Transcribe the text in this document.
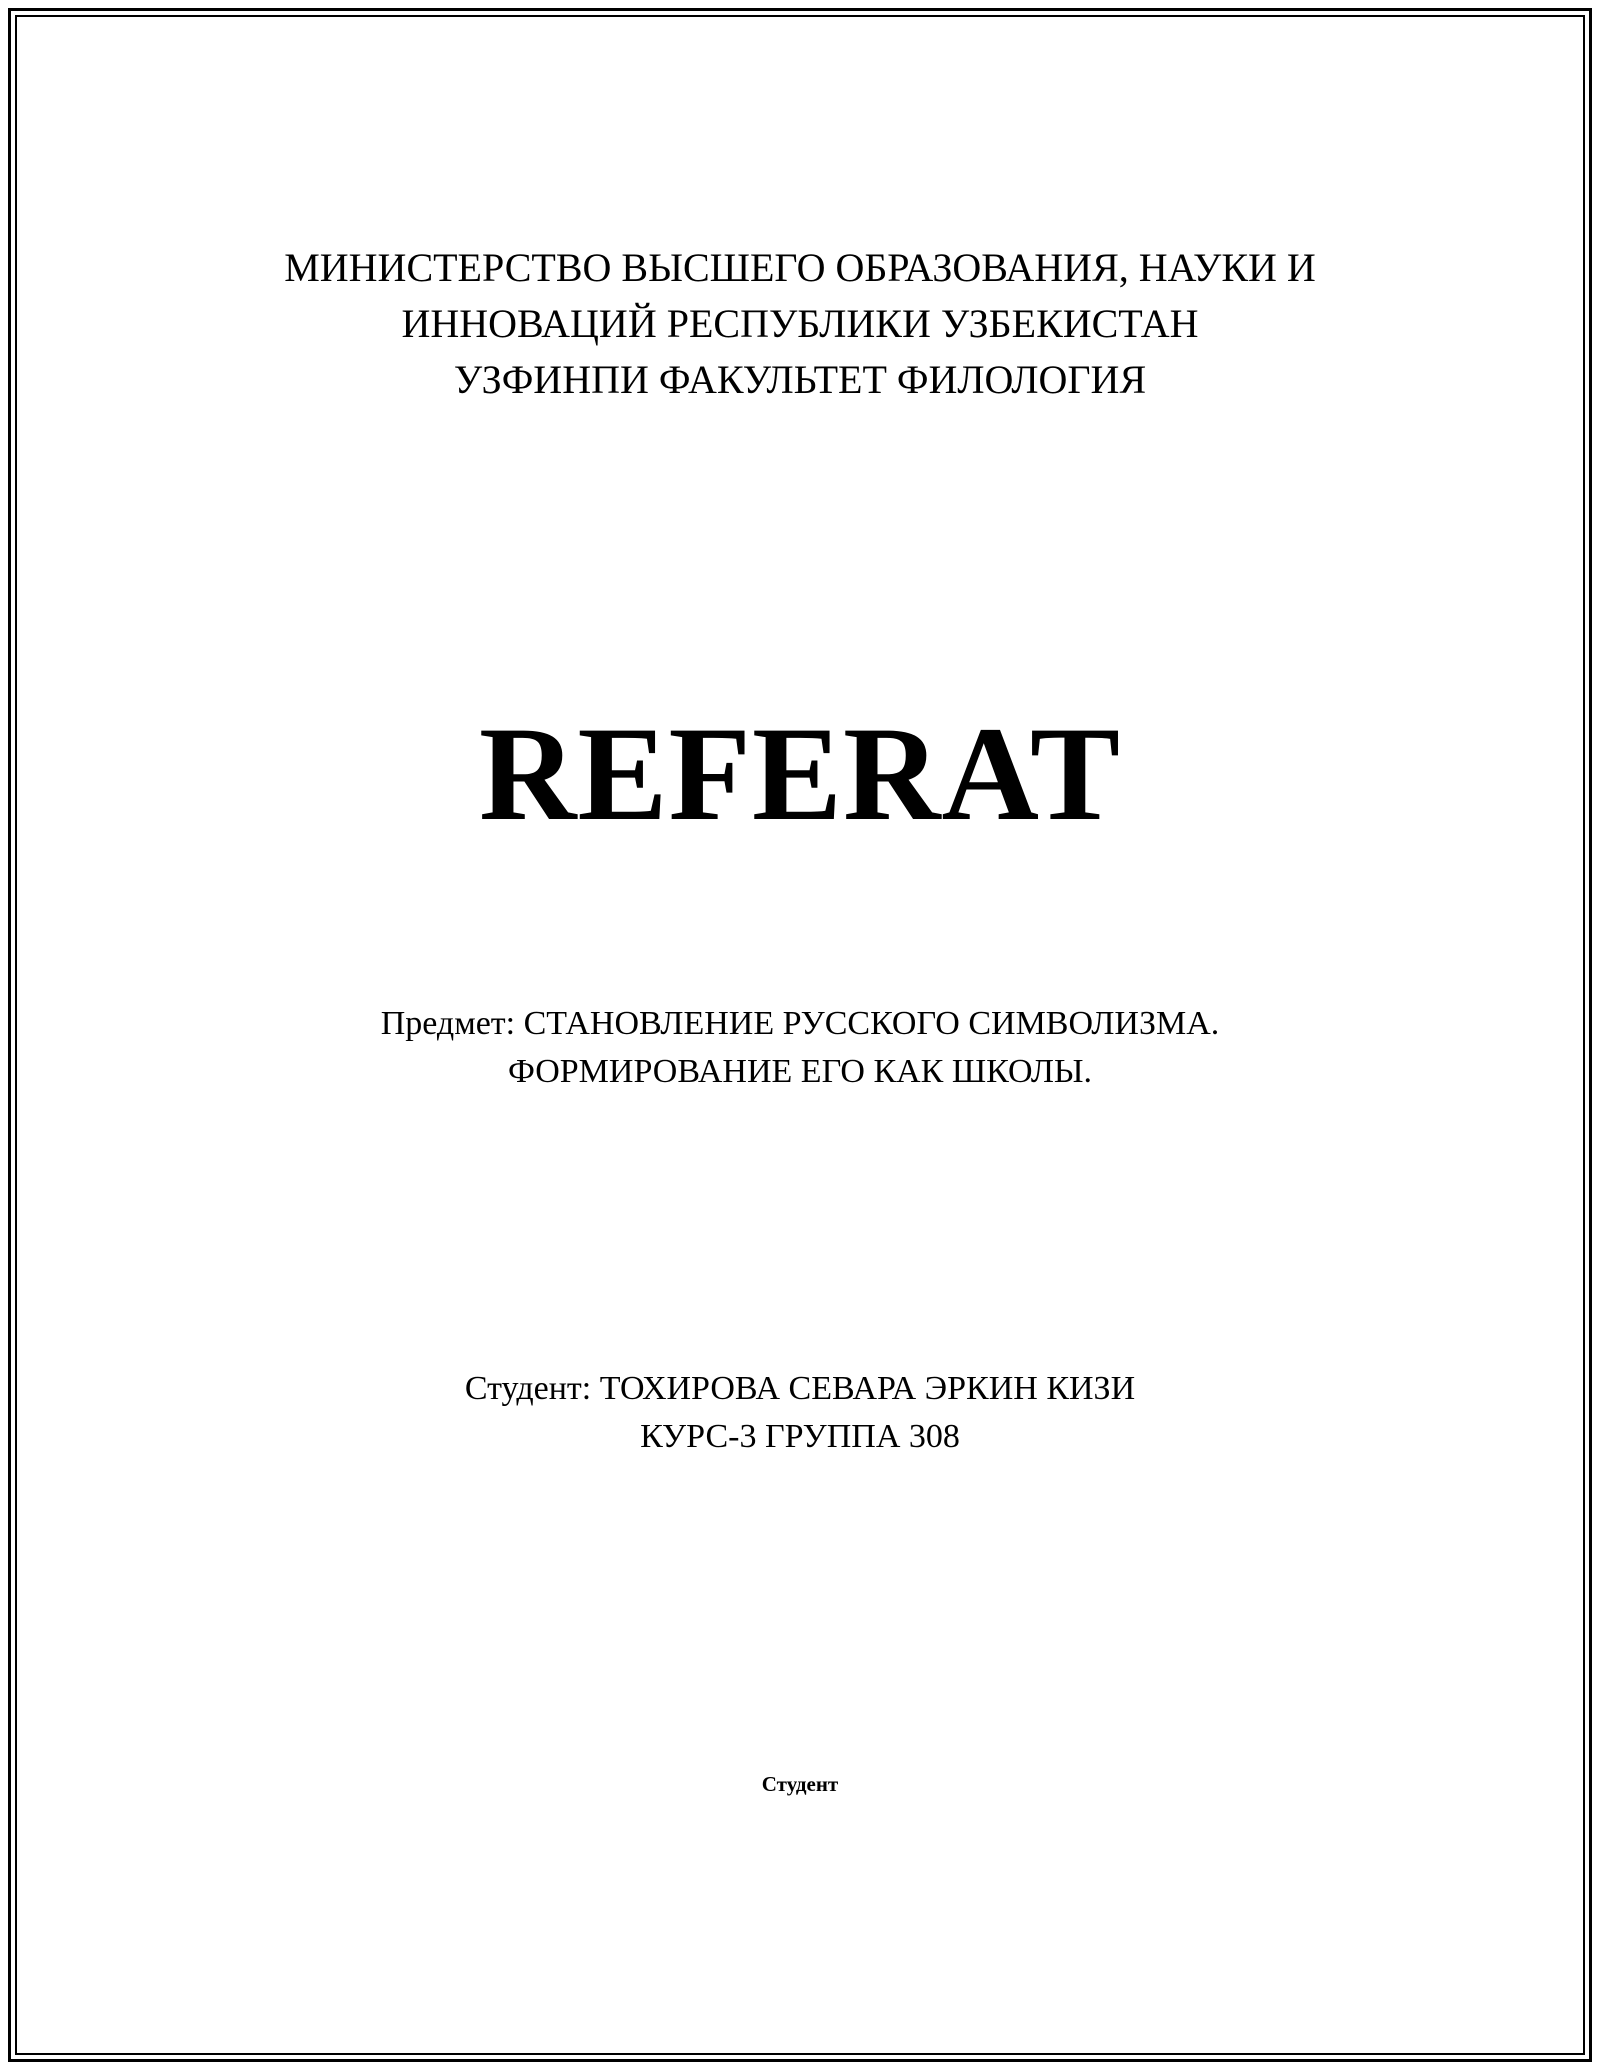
МИНИСТЕРСТВО ВЫСШЕГО ОБРАЗОВАНИЯ, НАУКИ И
ИННОВАЦИЙ РЕСПУБЛИКИ УЗБЕКИСТАН
УЗФИНПИ ФАКУЛЬТЕТ ФИЛОЛОГИЯ
REFERAT
Предмет: СТАНОВЛЕНИЕ РУССКОГО СИМВОЛИЗМА.
ФОРМИРОВАНИЕ ЕГО КАК ШКОЛЫ.
Студент: ТОХИРОВА СЕВАРА ЭРКИН КИЗИ
КУРС-3 ГРУППА 308
Студент
